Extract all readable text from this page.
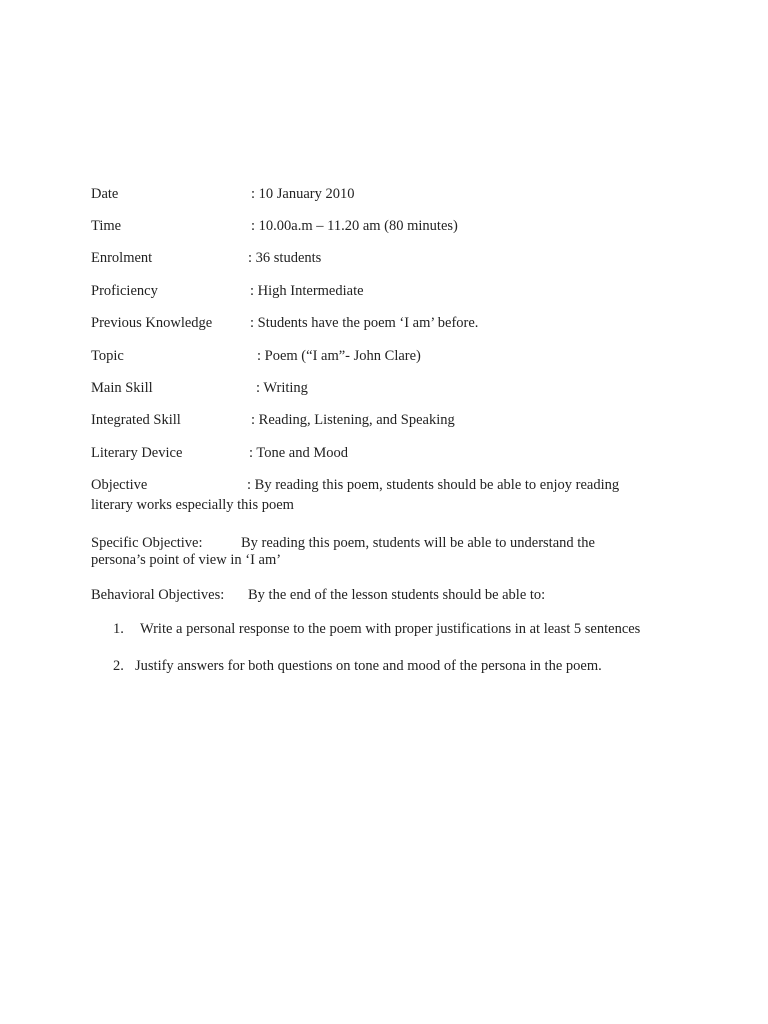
Date	: 10 January 2010
Time	: 10.00a.m – 11.20 am (80 minutes)
Enrolment	: 36 students
Proficiency	: High Intermediate
Previous Knowledge	: Students have the poem ‘I am’ before.
Topic	: Poem (“I am”- John Clare)
Main Skill	: Writing
Integrated Skill	: Reading, Listening, and Speaking
Literary Device	: Tone and Mood
Objective	: By reading this poem, students should be able to enjoy reading
literary works especially this poem
Specific Objective:	By reading this poem, students will be able to understand the
persona’s point of view in ‘I am’
Behavioral Objectives: By the end of the lesson students should be able to:
1. Write a personal response to the poem with proper justifications in at least 5 sentences
2. Justify answers for both questions on tone and mood of the persona in the poem.
